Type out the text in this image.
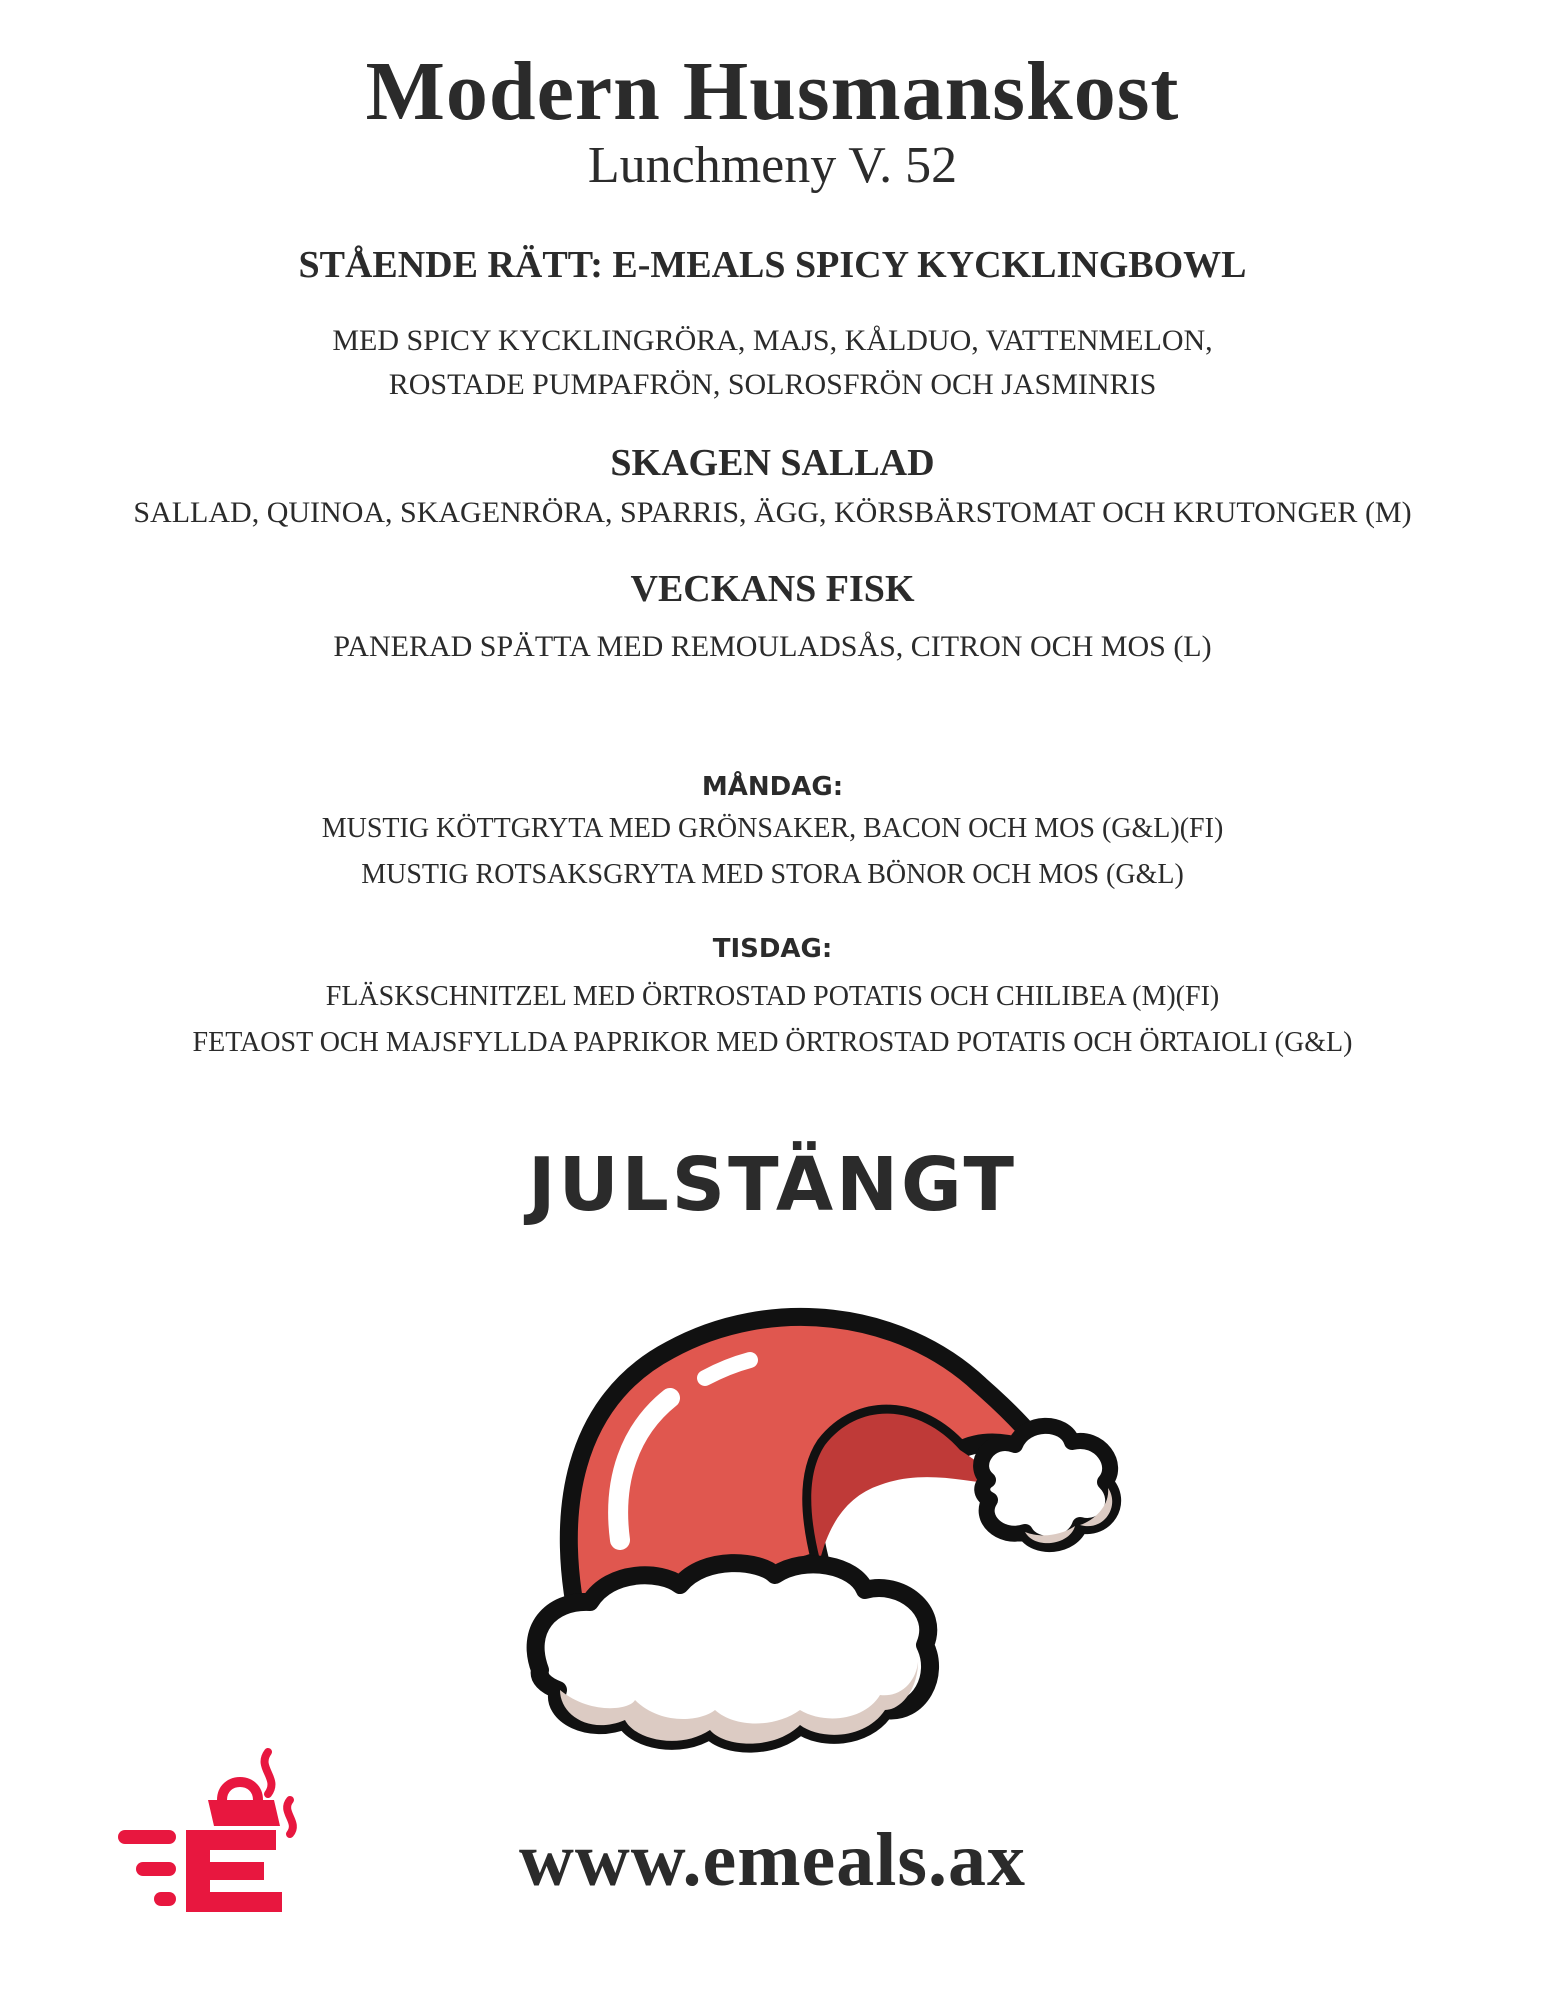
Modern Husmanskost
Lunchmeny V. 52
STÅENDE RÄTT: E-MEALS SPICY KYCKLINGBOWL
MED SPICY KYCKLINGRÖRA, MAJS, KÅLDUO, VATTENMELON,
ROSTADE PUMPAFRÖN, SOLROSFRÖN OCH JASMINRIS
SKAGEN SALLAD
SALLAD, QUINOA, SKAGENRÖRA, SPARRIS, ÄGG, KÖRSBÄRSTOMAT OCH KRUTONGER (M)
VECKANS FISK
PANERAD SPÄTTA MED REMOULADSÅS, CITRON OCH MOS (L)
MÅNDAG:
MUSTIG KÖTTGRYTA MED GRÖNSAKER, BACON OCH MOS (G&L)(FI)
MUSTIG ROTSAKSGRYTA MED STORA BÖNOR OCH MOS (G&L)
TISDAG:
FLÄSKSCHNITZEL MED ÖRTROSTAD POTATIS OCH CHILIBEA (M)(FI)
FETAOST OCH MAJSFYLLDA PAPRIKOR MED ÖRTROSTAD POTATIS OCH ÖRTAIOLI (G&L)
JULSTÄNGT
www.emeals.ax
